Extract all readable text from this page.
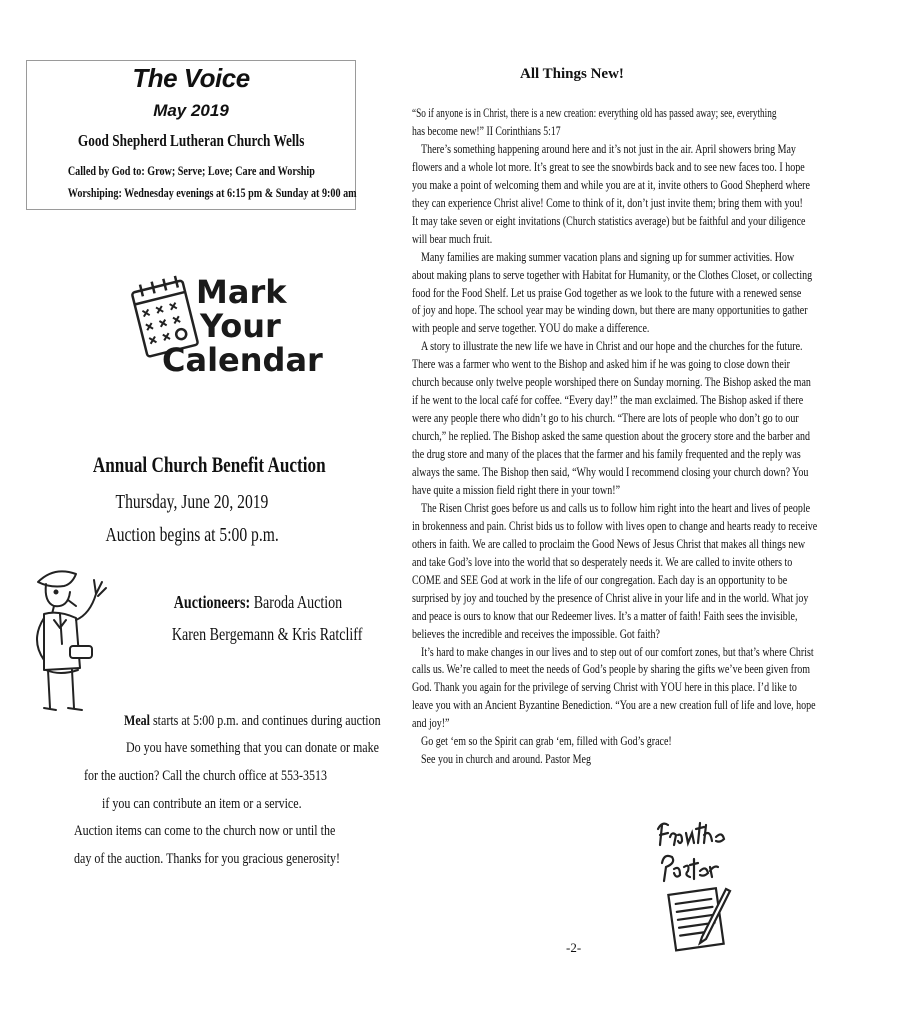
The Voice
May 2019
Good Shepherd Lutheran Church Wells
Called by God to: Grow; Serve; Love; Care and Worship
Worshiping: Wednesday evenings at 6:15 pm & Sunday at 9:00 am
Mark
Your
Calendar
Annual Church Benefit Auction
Thursday, June 20, 2019
Auction begins at 5:00 p.m.
Auctioneers: Baroda Auction
Karen Bergemann & Kris Ratcliff
Meal starts at 5:00 p.m. and continues during auction
Do you have something that you can donate or make
for the auction? Call the church office at 553-3513
if you can contribute an item or a service.
Auction items can come to the church now or until the
day of the auction. Thanks for you gracious generosity!
All Things New!
“So if anyone is in Christ, there is a new creation: everything old has passed away; see, everything
has become new!” II Corinthians 5:17
There’s something happening around here and it’s not just in the air. April showers bring May
flowers and a whole lot more. It’s great to see the snowbirds back and to see new faces too. I hope
you make a point of welcoming them and while you are at it, invite others to Good Shepherd where
they can experience Christ alive! Come to think of it, don’t just invite them; bring them with you!
It may take seven or eight invitations (Church statistics average) but be faithful and your diligence
will bear much fruit.
Many families are making summer vacation plans and signing up for summer activities. How
about making plans to serve together with Habitat for Humanity, or the Clothes Closet, or collecting
food for the Food Shelf. Let us praise God together as we look to the future with a renewed sense
of joy and hope. The school year may be winding down, but there are many opportunities to gather
with people and serve together. YOU do make a difference.
A story to illustrate the new life we have in Christ and our hope and the churches for the future.
There was a farmer who went to the Bishop and asked him if he was going to close down their
church because only twelve people worshiped there on Sunday morning. The Bishop asked the man
if he went to the local café for coffee. “Every day!” the man exclaimed. The Bishop asked if there
were any people there who didn’t go to his church. “There are lots of people who don’t go to our
church,” he replied. The Bishop asked the same question about the grocery store and the barber and
the drug store and many of the places that the farmer and his family frequented and the reply was
always the same. The Bishop then said, “Why would I recommend closing your church down? You
have quite a mission field right there in your town!”
The Risen Christ goes before us and calls us to follow him right into the heart and lives of people
in brokenness and pain. Christ bids us to follow with lives open to change and hearts ready to receive
others in faith. We are called to proclaim the Good News of Jesus Christ that makes all things new
and take God’s love into the world that so desperately needs it. We are called to invite others to
COME and SEE God at work in the life of our congregation. Each day is an opportunity to be
surprised by joy and touched by the presence of Christ alive in your life and in the world. What joy
and peace is ours to know that our Redeemer lives. It’s a matter of faith! Faith sees the invisible,
believes the incredible and receives the impossible. Got faith?
It’s hard to make changes in our lives and to step out of our comfort zones, but that’s where Christ
calls us. We’re called to meet the needs of God’s people by sharing the gifts we’ve been given from
God. Thank you again for the privilege of serving Christ with YOU here in this place. I’d like to
leave you with an Ancient Byzantine Benediction. “You are a new creation full of life and love, hope
and joy!”
Go get ‘em so the Spirit can grab ‘em, filled with God’s grace!
See you in church and around. Pastor Meg
-2-
